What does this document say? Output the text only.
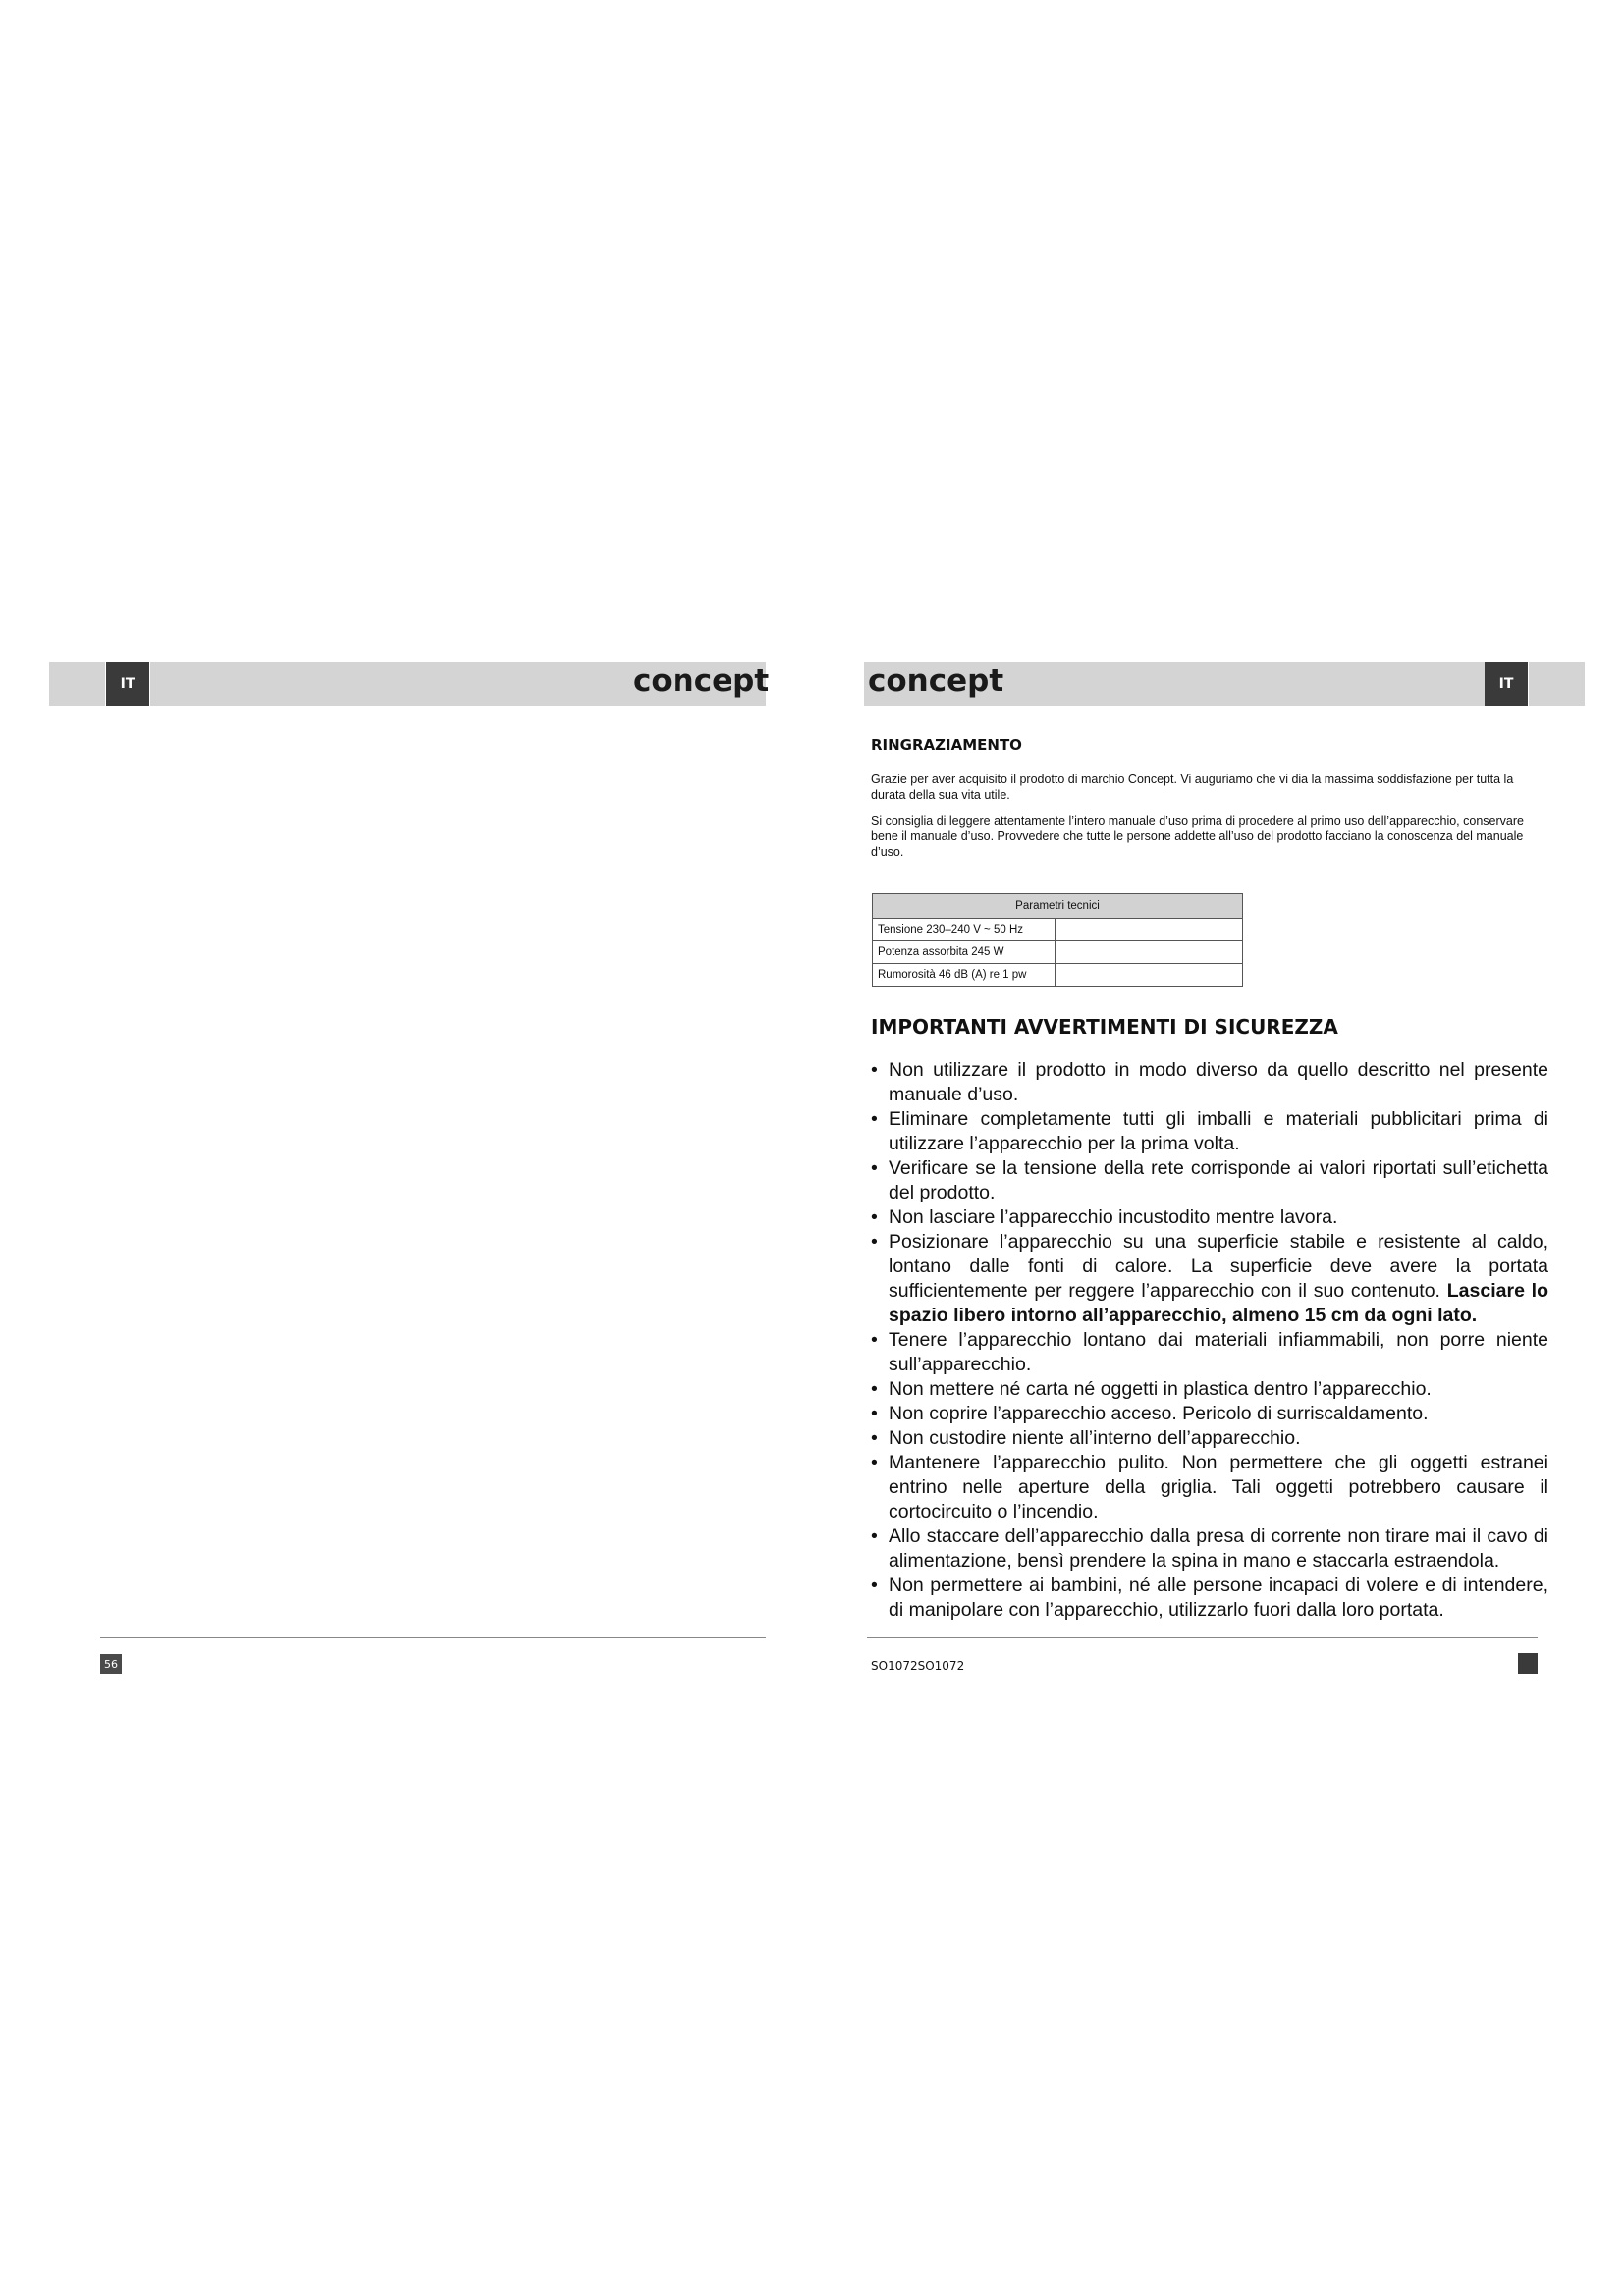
IT	concept	concept	IT
RINGRAZIAMENTO

Grazie per aver acquisito il prodotto di marchio Concept. Vi auguriamo che vi dia la massima soddisfazione per tutta la durata della sua vita utile.

Si consiglia di leggere attentamente l’intero manuale d’uso prima di procedere al primo uso dell’apparecchio, conservare bene il manuale d’uso. Provvedere che tutte le persone addette all’uso del prodotto facciano la conoscenza del manuale d’uso.

Parametri tecnici	
Tensione 230–240 V ~ 50 Hz	
Potenza assorbita 245 W	
Rumorosità 46 dB (A) re 1 pw	
IMPORTANTI AVVERTIMENTI DI SICUREZZA
• Non utilizzare il prodotto in modo diverso da quello descritto nel presente manuale d’uso.
• Eliminare completamente tutti gli imballi e materiali pubblicitari prima di utilizzare l’apparecchio per la prima volta.
• Verificare se la tensione della rete corrisponde ai valori riportati sull’etichetta del prodotto.
• Non lasciare l’apparecchio incustodito mentre lavora.
• Posizionare l’apparecchio su una superficie stabile e resistente al caldo, lontano dalle fonti di calore. La superficie deve avere la portata sufficientemente per reggere l’apparecchio con il suo contenuto. Lasciare lo spazio libero intorno all’apparecchio, almeno 15 cm da ogni lato.
• Tenere l’apparecchio lontano dai materiali infiammabili, non porre niente sull’apparecchio.
• Non mettere né carta né oggetti in plastica dentro l’apparecchio.
• Non coprire l’apparecchio acceso. Pericolo di surriscaldamento.
• Non custodire niente all’interno dell’apparecchio.
• Mantenere l’apparecchio pulito. Non permettere che gli oggetti estranei entrino nelle aperture della griglia. Tali oggetti potrebbero causare il cortocircuito o l’incendio.
• Allo staccare dell’apparecchio dalla presa di corrente non tirare mai il cavo di alimentazione, bensì prendere la spina in mano e staccarla estraendola.
• Non permettere ai bambini, né alle persone incapaci di volere e di intendere, di manipolare con l’apparecchio, utilizzarlo fuori dalla loro portata.
56	SO1072SO1072
